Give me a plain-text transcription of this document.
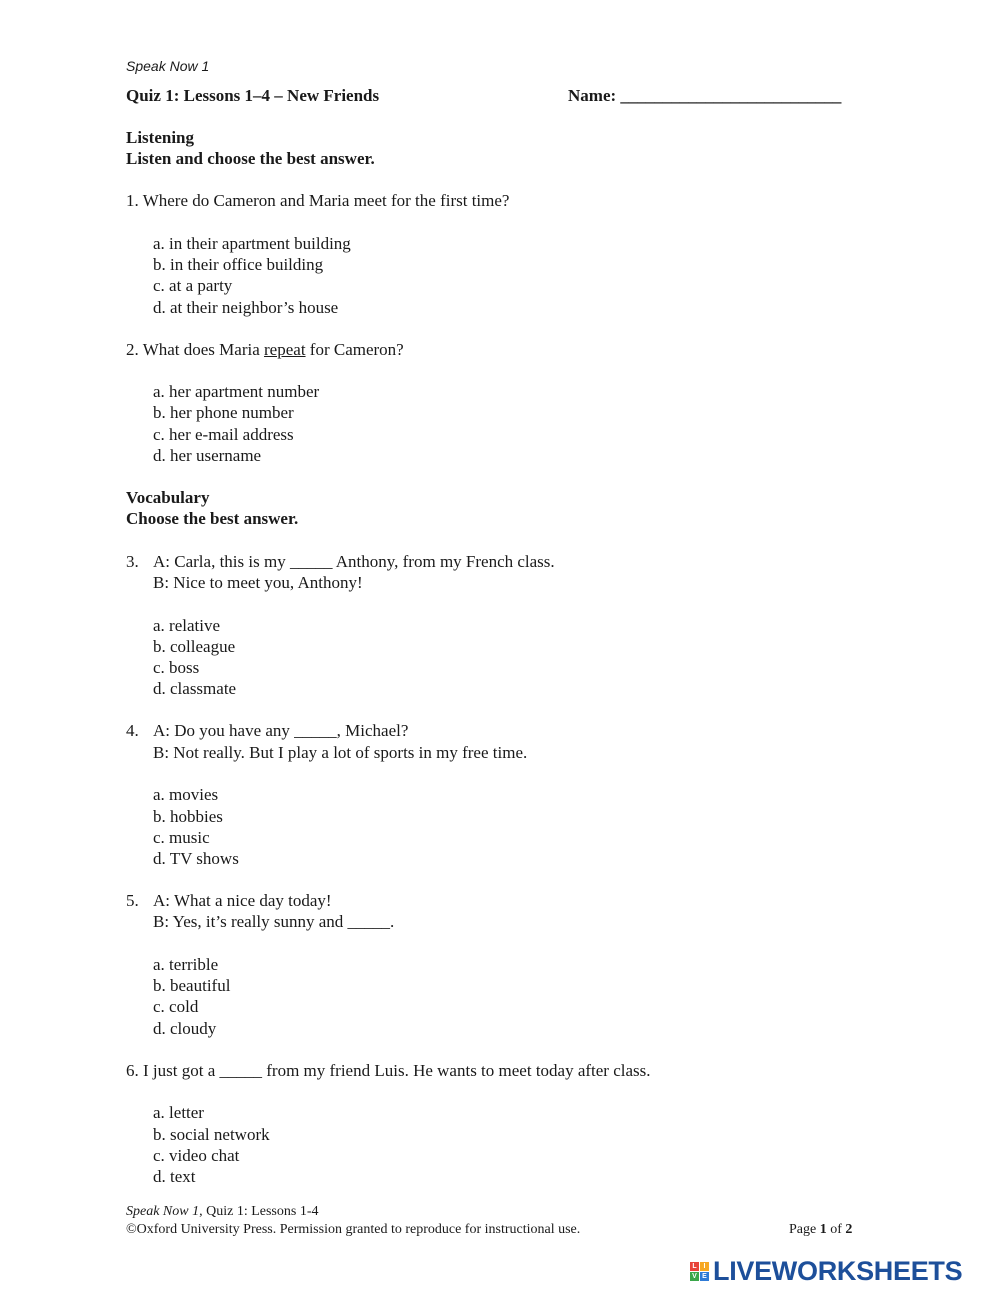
Speak Now 1
Quiz 1: Lessons 1–4 – New Friends	Name: __________________________
Listening
Listen and choose the best answer.
1. Where do Cameron and Maria meet for the first time?
a. in their apartment building
b. in their office building
c. at a party
d. at their neighbor’s house
2. What does Maria repeat for Cameron?
a. her apartment number
b. her phone number
c. her e-mail address
d. her username
Vocabulary
Choose the best answer.
3. A: Carla, this is my _____ Anthony, from my French class.
B: Nice to meet you, Anthony!
a. relative
b. colleague
c. boss
d. classmate
4. A: Do you have any _____, Michael?
B: Not really. But I play a lot of sports in my free time.
a. movies
b. hobbies
c. music
d. TV shows
5. A: What a nice day today!
B: Yes, it’s really sunny and _____.
a. terrible
b. beautiful
c. cold
d. cloudy
6. I just got a _____ from my friend Luis. He wants to meet today after class.
a. letter
b. social network
c. video chat
d. text
Speak Now 1, Quiz 1: Lessons 1-4
©Oxford University Press. Permission granted to reproduce for instructional use.	Page 1 of 2
L I
V E LIVEWORKSHEETS
